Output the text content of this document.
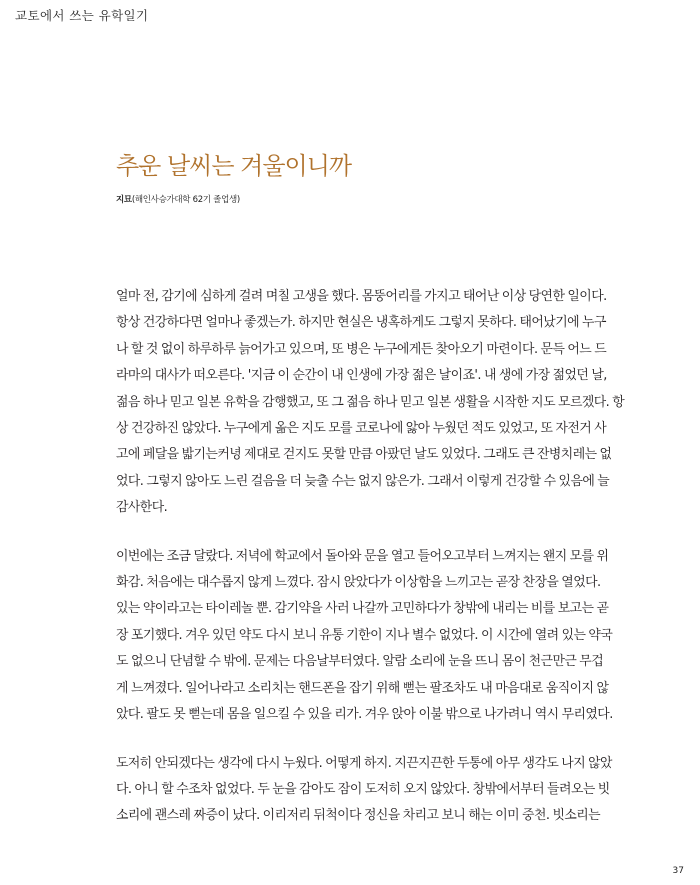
교토에서 쓰는 유학일기
추운 날씨는 겨울이니까
지묘(해인사승가대학 62기 졸업생)

얼마 전, 감기에 심하게 걸려 며칠 고생을 했다. 몸뚱어리를 가지고 태어난 이상 당연한 일이다.
항상 건강하다면 얼마나 좋겠는가. 하지만 현실은 냉혹하게도 그렇지 못하다. 태어났기에 누구
나 할 것 없이 하루하루 늙어가고 있으며, 또 병은 누구에게든 찾아오기 마련이다. 문득 어느 드
라마의 대사가 떠오른다. '지금 이 순간이 내 인생에 가장 젊은 날이죠'. 내 생에 가장 젊었던 날,
젊음 하나 믿고 일본 유학을 감행했고, 또 그 젊음 하나 믿고 일본 생활을 시작한 지도 모르겠다. 항
상 건강하진 않았다. 누구에게 옮은 지도 모를 코로나에 앓아 누웠던 적도 있었고, 또 자전거 사
고에 페달을 밟기는커녕 제대로 걷지도 못할 만큼 아팠던 날도 있었다. 그래도 큰 잔병치레는 없
었다. 그렇지 않아도 느린 걸음을 더 늦출 수는 없지 않은가. 그래서 이렇게 건강할 수 있음에 늘
감사한다.

이번에는 조금 달랐다. 저녁에 학교에서 돌아와 문을 열고 들어오고부터 느껴지는 왠지 모를 위
화감. 처음에는 대수롭지 않게 느꼈다. 잠시 앉았다가 이상함을 느끼고는 곧장 찬장을 열었다.
있는 약이라고는 타이레놀 뿐. 감기약을 사러 나갈까 고민하다가 창밖에 내리는 비를 보고는 곧
장 포기했다. 겨우 있던 약도 다시 보니 유통 기한이 지나 별수 없었다. 이 시간에 열려 있는 약국
도 없으니 단념할 수 밖에. 문제는 다음날부터였다. 알람 소리에 눈을 뜨니 몸이 천근만근 무겁
게 느껴졌다. 일어나라고 소리치는 핸드폰을 잡기 위해 뻗는 팔조차도 내 마음대로 움직이지 않
았다. 팔도 못 뻗는데 몸을 일으킬 수 있을 리가. 겨우 앉아 이불 밖으로 나가려니 역시 무리였다.

도저히 안되겠다는 생각에 다시 누웠다. 어떻게 하지. 지끈지끈한 두통에 아무 생각도 나지 않았
다. 아니 할 수조차 없었다. 두 눈을 감아도 잠이 도저히 오지 않았다. 창밖에서부터 들려오는 빗
소리에 괜스레 짜증이 났다. 이리저리 뒤척이다 정신을 차리고 보니 해는 이미 중천. 빗소리는

37
